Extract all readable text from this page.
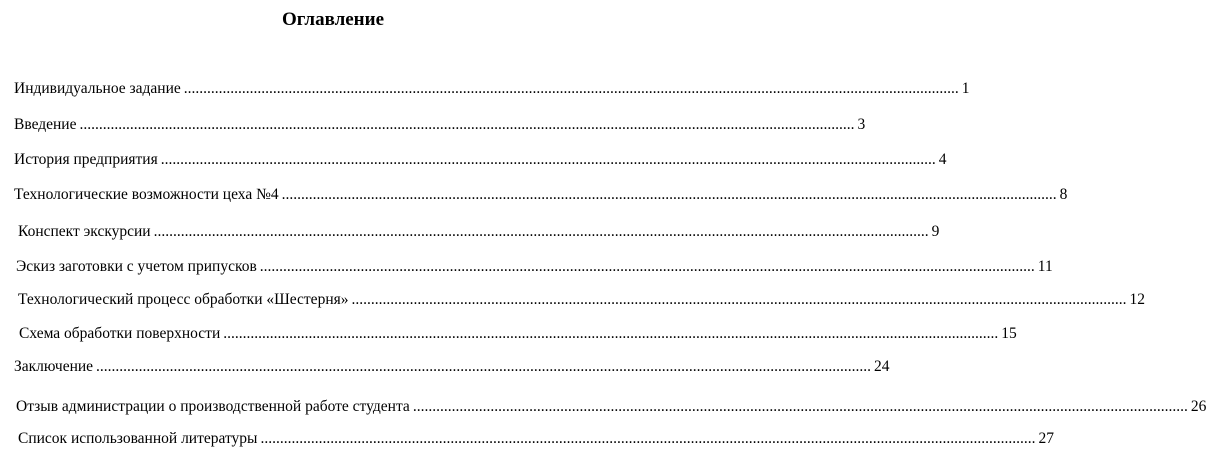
Оглавление
Индивидуальное задание ........................................................................................................................................................................................................ 1
Введение ........................................................................................................................................................................................................ 3
История предприятия ........................................................................................................................................................................................................ 4
Технологические возможности цеха №4 ........................................................................................................................................................................................................ 8
Конспект экскурсии ........................................................................................................................................................................................................ 9
Эскиз заготовки с учетом припусков ........................................................................................................................................................................................................ 11
Технологический процесс обработки «Шестерня» ........................................................................................................................................................................................................ 12
Схема обработки поверхности ........................................................................................................................................................................................................ 15
Заключение ........................................................................................................................................................................................................ 24
Отзыв администрации о производственной работе студента ........................................................................................................................................................................................................ 26
Список использованной литературы ........................................................................................................................................................................................................ 27
